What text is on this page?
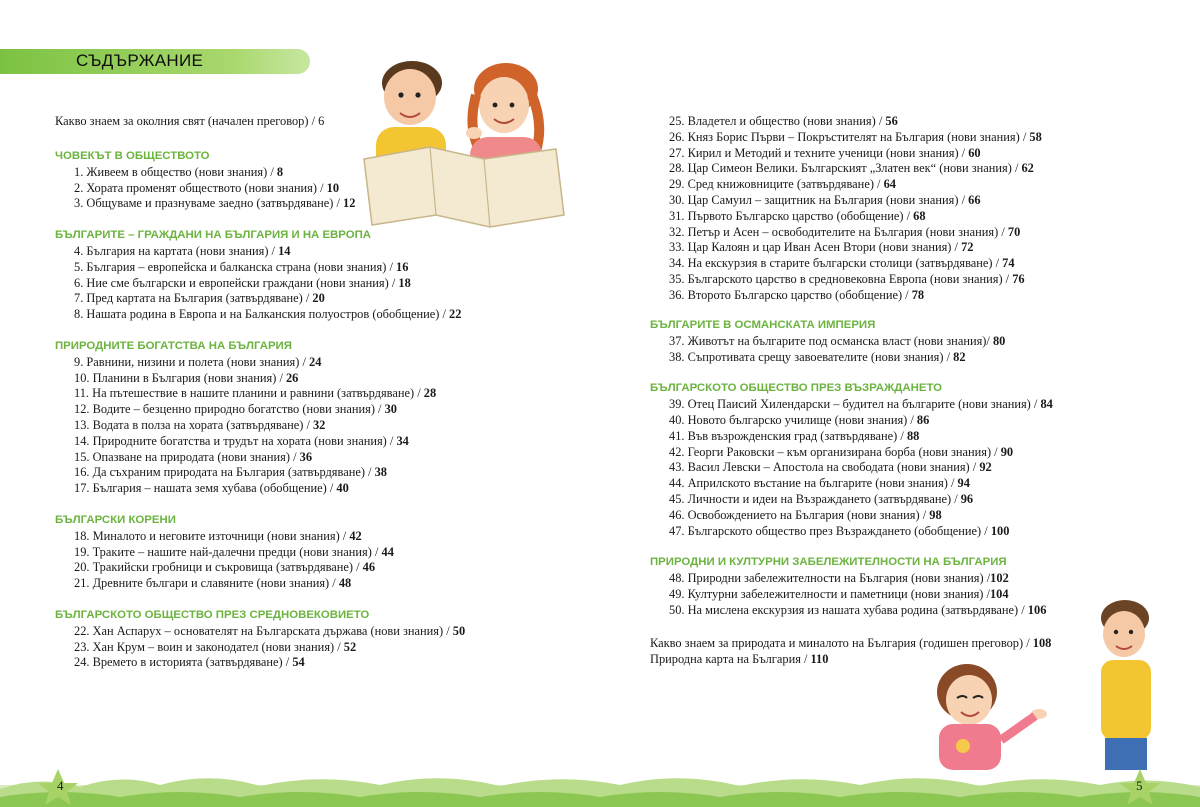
СЪДЪРЖАНИЕ
Какво знаем за околния свят (начален преговор) / 6
ЧОВЕКЪТ В ОБЩЕСТВОТО
1. Живеем в общество (нови знания) / 8
2. Хората променят обществото (нови знания) / 10
3. Общуваме и празнуваме заедно (затвърдяване) / 12
БЪЛГАРИТЕ – ГРАЖДАНИ НА БЪЛГАРИЯ И НА ЕВРОПА
4. България на картата (нови знания) / 14
5. България – европейска и балканска страна (нови знания) / 16
6. Ние сме български и европейски граждани (нови знания) / 18
7. Пред картата на България (затвърдяване) / 20
8. Нашата родина в Европа и на Балканския полуостров (обобщение) / 22
ПРИРОДНИТЕ БОГАТСТВА НА БЪЛГАРИЯ
9. Равнини, низини и полета (нови знания) / 24
10. Планини в България (нови знания) / 26
11. На пътешествие в нашите планини и равнини (затвърдяване) / 28
12. Водите – безценно природно богатство (нови знания) / 30
13. Водата в полза на хората (затвърдяване) / 32
14. Природните богатства и трудът на хората (нови знания) / 34
15. Опазване на природата (нови знания) / 36
16. Да съхраним природата на България (затвърдяване) / 38
17. България – нашата земя хубава (обобщение) / 40
БЪЛГАРСКИ КОРЕНИ
18. Миналото и неговите източници (нови знания) / 42
19. Траките – нашите най-далечни предци (нови знания) / 44
20. Тракийски гробници и съкровища (затвърдяване) / 46
21. Древните българи и славяните (нови знания) / 48
БЪЛГАРСКОТО ОБЩЕСТВО ПРЕЗ СРЕДНОВЕКОВИЕТО
22. Хан Аспарух – основателят на Българската държава (нови знания) / 50
23. Хан Крум – воин и законодател (нови знания) / 52
24. Времето в историята (затвърдяване) / 54
25. Владетел и общество (нови знания) / 56
26. Княз Борис Първи – Покръстителят на България (нови знания) / 58
27. Кирил и Методий и техните ученици (нови знания) / 60
28. Цар Симеон Велики. Българският „Златен век“ (нови знания) / 62
29. Сред книжовниците (затвърдяване) / 64
30. Цар Самуил – защитник на България (нови знания) / 66
31. Първото Българско царство (обобщение) / 68
32. Петър и Асен – освободителите на България (нови знания) / 70
33. Цар Калоян и цар Иван Асен Втори (нови знания) / 72
34. На екскурзия в старите български столици (затвърдяване) / 74
35. Българското царство в средновековна Европа (нови знания) / 76
36. Второто Българско царство (обобщение) / 78
БЪЛГАРИТЕ В ОСМАНСКАТА ИМПЕРИЯ
37. Животът на българите под османска власт (нови знания)/ 80
38. Съпротивата срещу завоевателите (нови знания) / 82
БЪЛГАРСКОТО ОБЩЕСТВО ПРЕЗ ВЪЗРАЖДАНЕТО
39. Отец Паисий Хилендарски – будител на българите (нови знания) / 84
40. Новото българско училище (нови знания) / 86
41. Във възрожденския град (затвърдяване) / 88
42. Георги Раковски – към организирана борба (нови знания) / 90
43. Васил Левски – Апостола на свободата (нови знания) / 92
44. Априлското въстание на българите (нови знания) / 94
45. Личности и идеи на Възраждането (затвърдяване) / 96
46. Освобождението на България (нови знания) / 98
47. Българското общество през Възраждането (обобщение) / 100
ПРИРОДНИ И КУЛТУРНИ ЗАБЕЛЕЖИТЕЛНОСТИ НА БЪЛГАРИЯ
48. Природни забележителности на България (нови знания) /102
49. Културни забележителности и паметници (нови знания) /104
50. На мислена екскурзия из нашата хубава родина (затвърдяване) / 106
Какво знаем за природата и миналото на България (годишен преговор) / 108
Природна карта на България / 110
4	5
